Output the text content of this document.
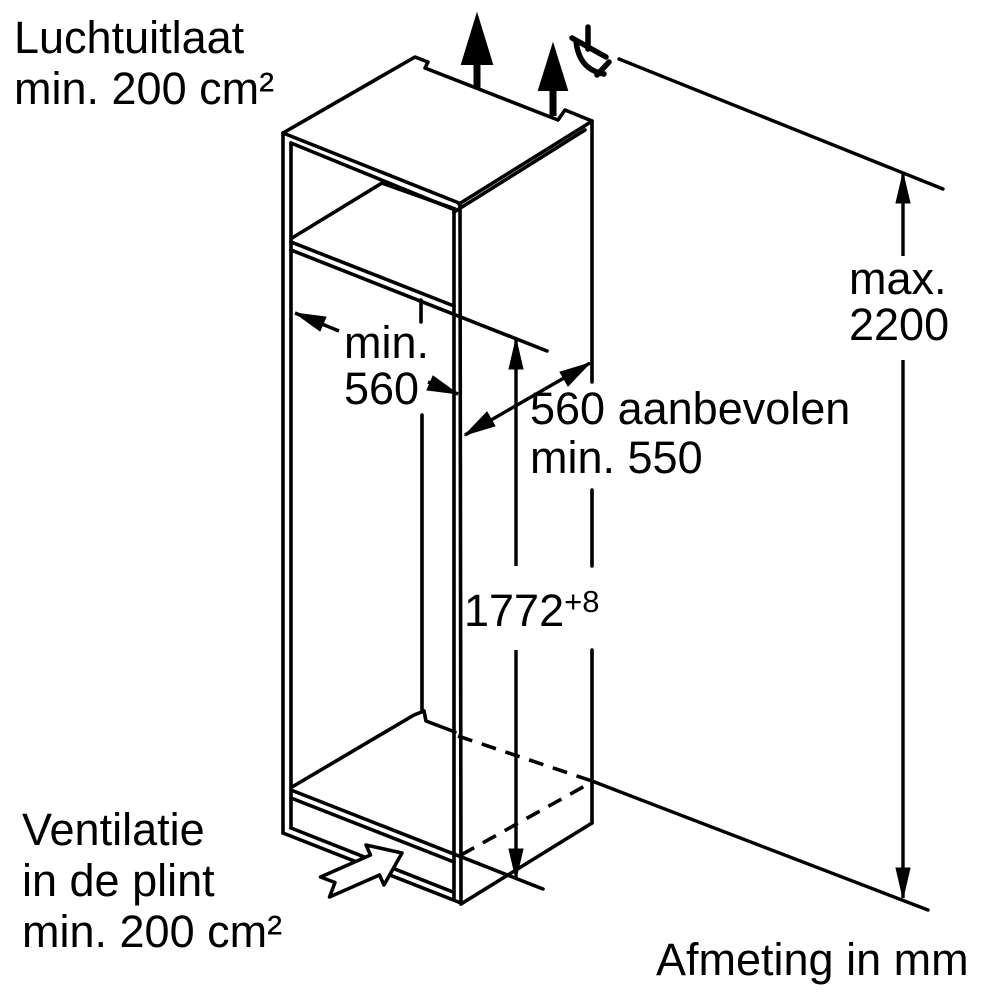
Luchtuitlaat
min. 200 cm²
min.
560 560 aanbevolen
min. 550
$1772^{+8}$
max.
2200
Ventilatie
in de plint
min. 200 cm²
Afmeting in mm
